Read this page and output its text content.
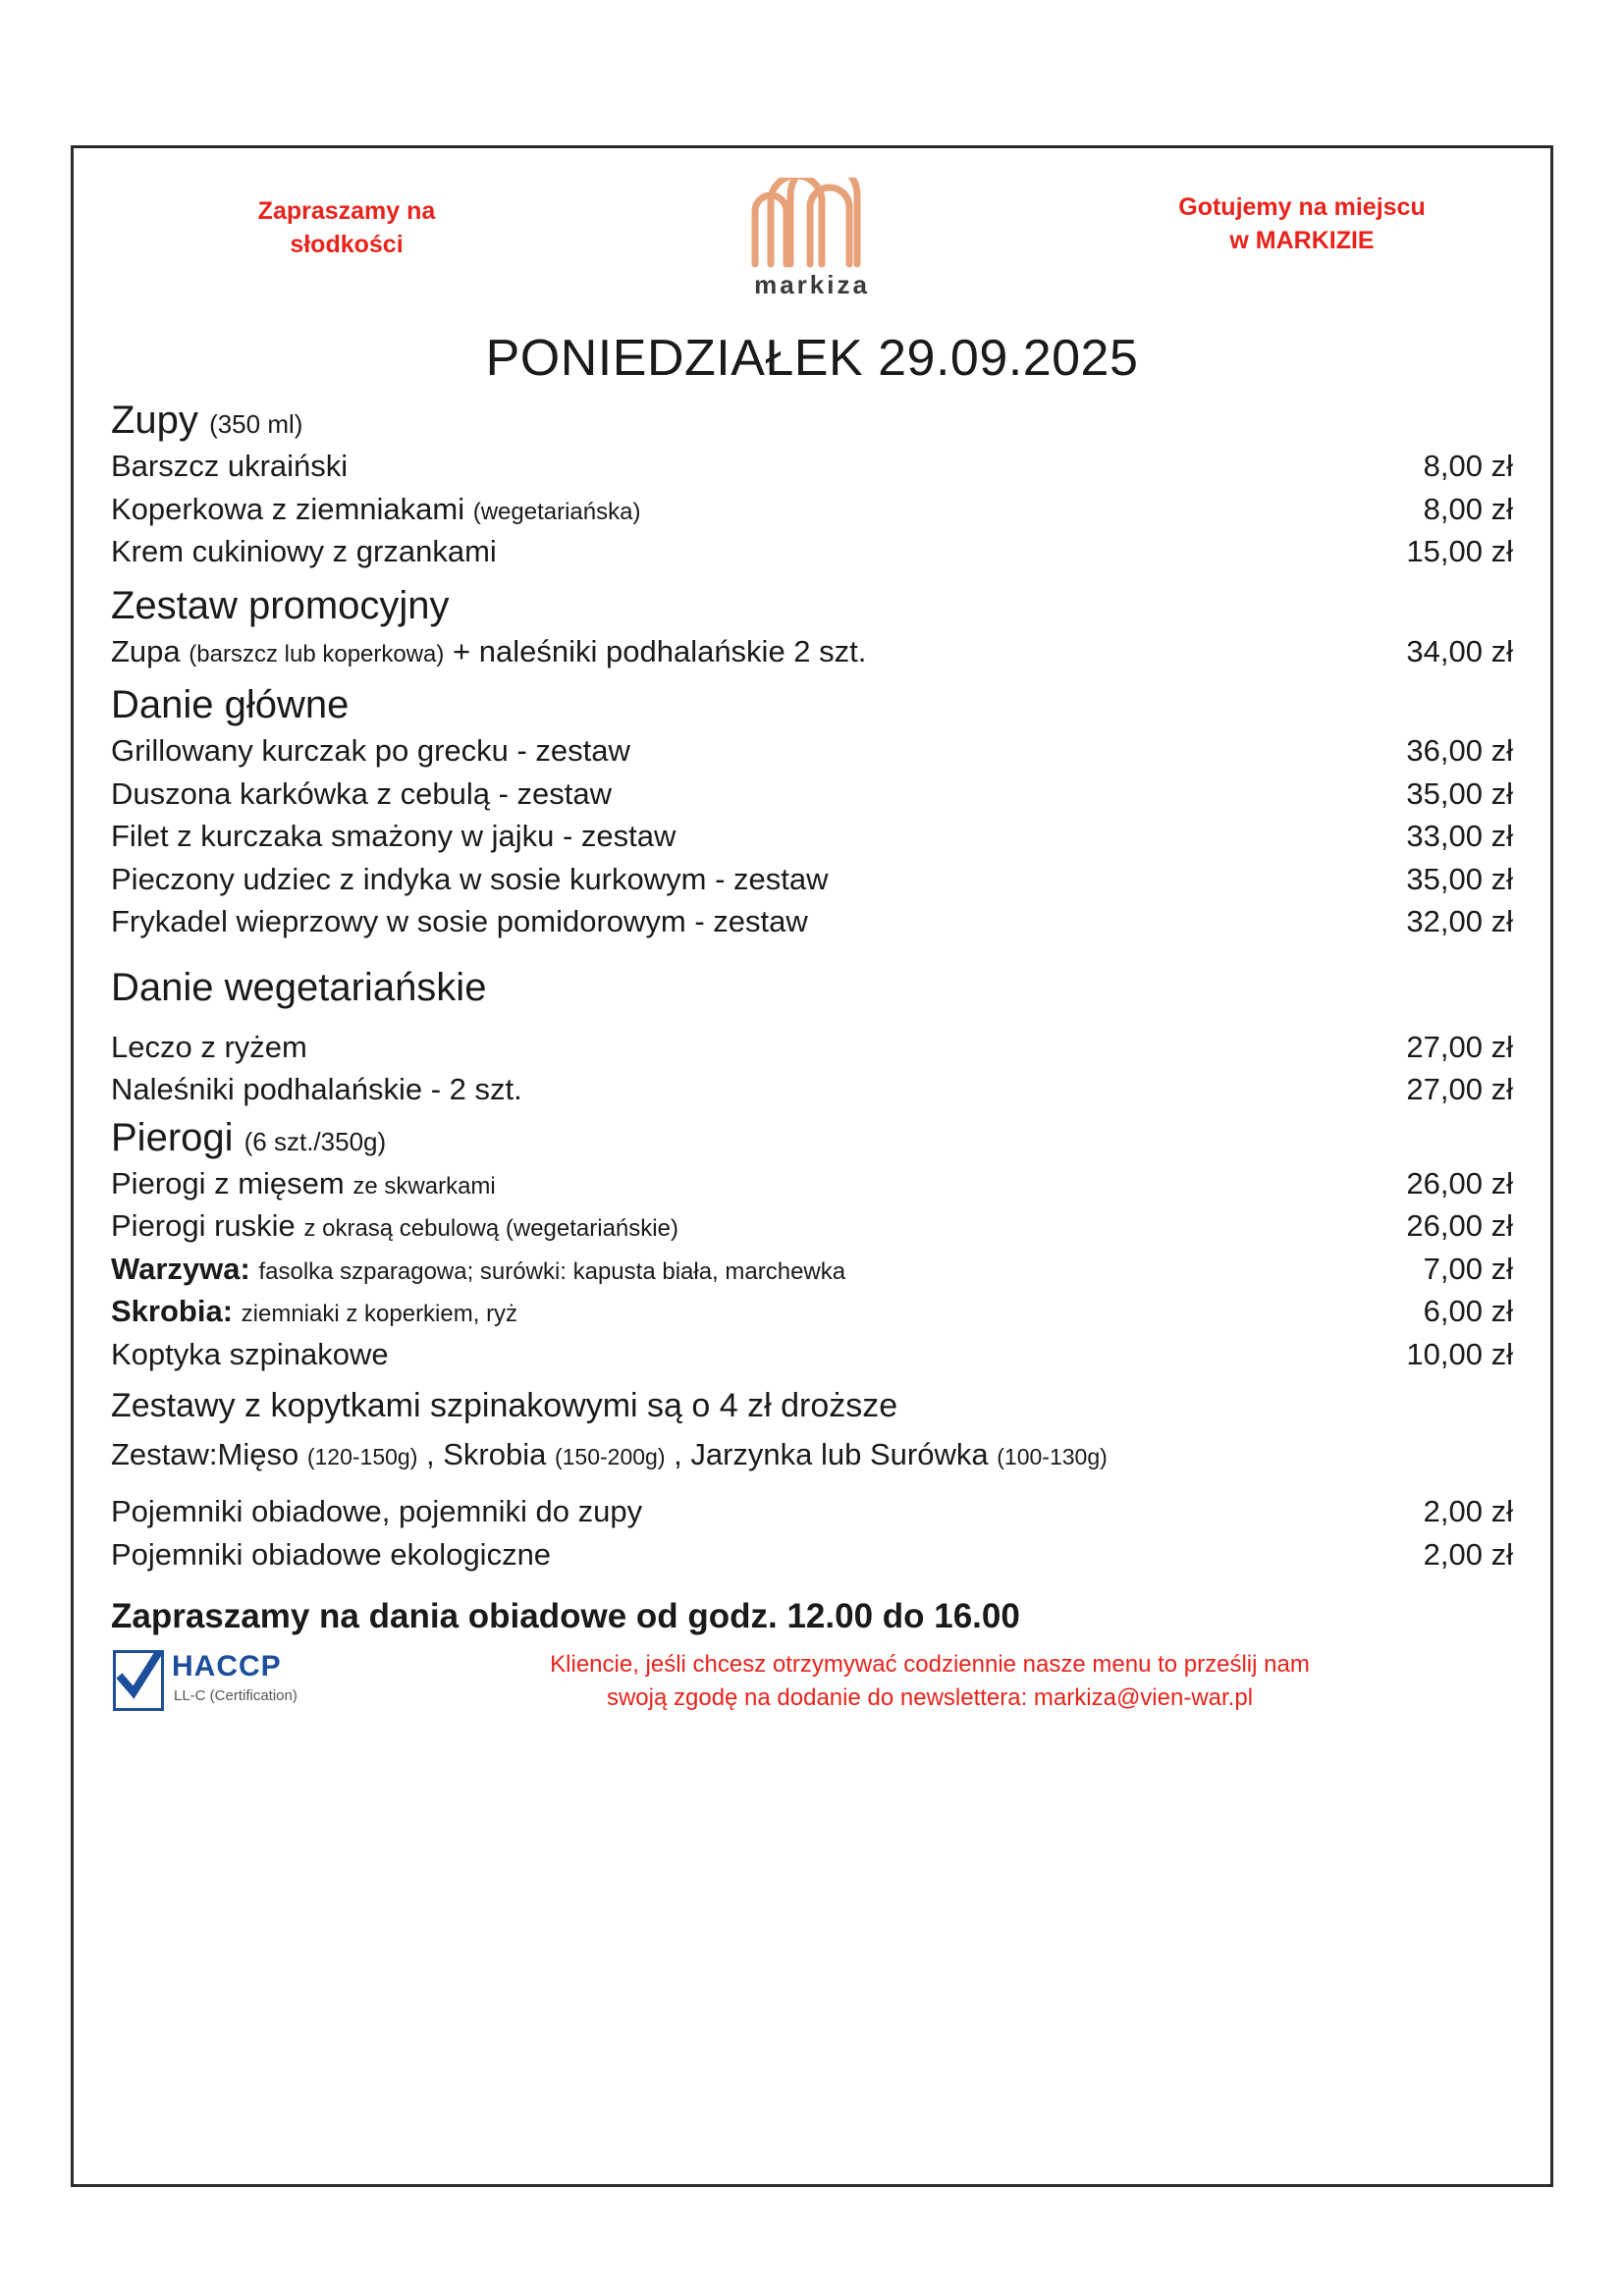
Zapraszamy na słodkości
markiza
Gotujemy na miejscu
w MARKIZIE
PONIEDZIAŁEK 29.09.2025
Zupy (350 ml)
Barszcz ukraiński	8,00 zł
Koperkowa z ziemniakami (wegetariańska)	8,00 zł
Krem cukiniowy z grzankami	15,00 zł
Zestaw promocyjny
Zupa (barszcz lub koperkowa) + naleśniki podhalańskie 2 szt.	34,00 zł
Danie główne
Grillowany kurczak po grecku - zestaw	36,00 zł
Duszona karkówka z cebulą - zestaw	35,00 zł
Filet z kurczaka smażony w jajku - zestaw	33,00 zł
Pieczony udziec z indyka w sosie kurkowym - zestaw	35,00 zł
Frykadel wieprzowy w sosie pomidorowym - zestaw	32,00 zł
Danie wegetariańskie
Leczo z ryżem	27,00 zł
Naleśniki podhalańskie - 2 szt.	27,00 zł
Pierogi (6 szt./350g)
Pierogi z mięsem ze skwarkami	26,00 zł
Pierogi ruskie z okrasą cebulową (wegetariańskie)	26,00 zł
Warzywa: fasolka szparagowa; surówki: kapusta biała, marchewka	7,00 zł
Skrobia: ziemniaki z koperkiem, ryż	6,00 zł
Koptyka szpinakowe	10,00 zł
Zestawy z kopytkami szpinakowymi są o 4 zł droższe
Zestaw:Mięso (120-150g) , Skrobia (150-200g) , Jarzynka lub Surówka (100-130g)
Pojemniki obiadowe, pojemniki do zupy	2,00 zł
Pojemniki obiadowe ekologiczne	2,00 zł
Zapraszamy na dania obiadowe od godz. 12.00 do 16.00
HACCP
LL-C (Certification)
Kliencie, jeśli chcesz otrzymywać codziennie nasze menu to prześlij nam
swoją zgodę na dodanie do newslettera: markiza@vien-war.pl
